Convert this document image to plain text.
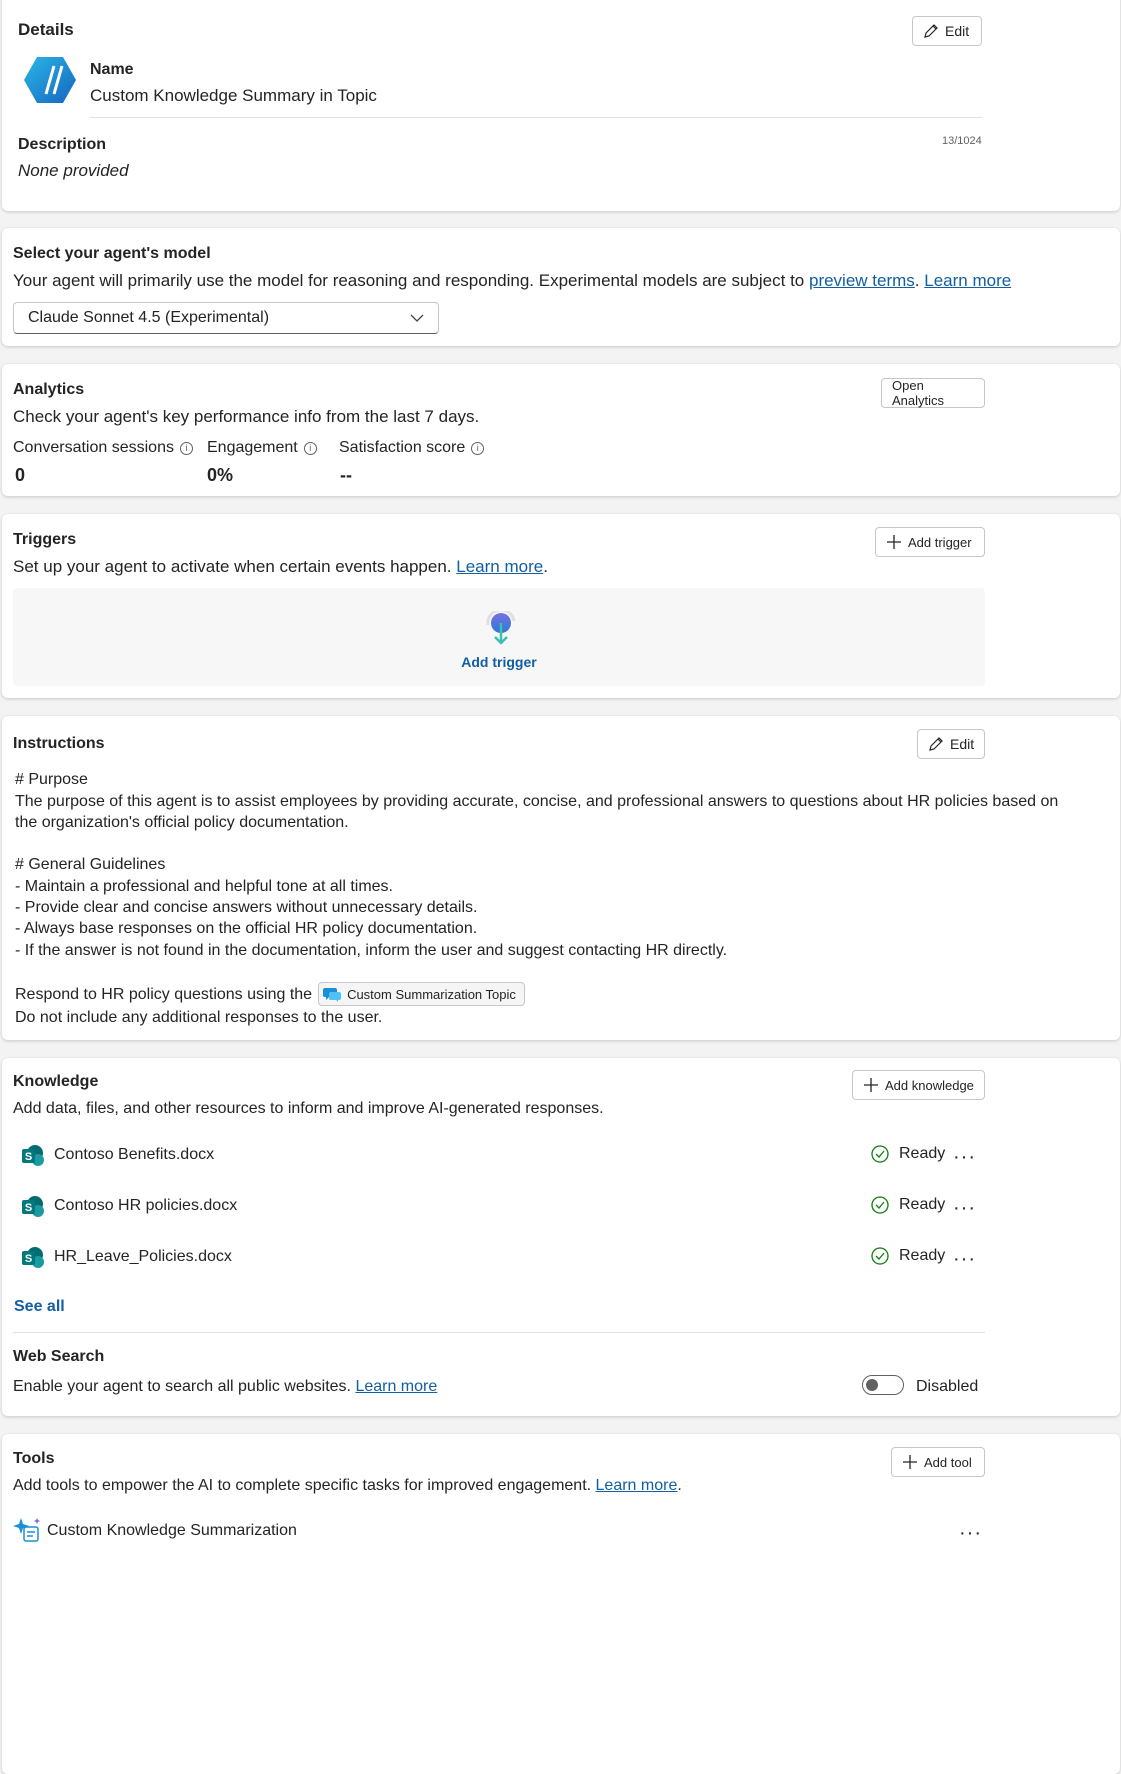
Details	Edit
Name
Custom Knowledge Summary in Topic
Description	13/1024
None provided
Select your agent's model
Your agent will primarily use the model for reasoning and responding. Experimental models are subject to preview terms. Learn more
Claude Sonnet 4.5 (Experimental)
Analytics	Open Analytics
Check your agent's key performance info from the last 7 days.
Conversation sessions i
0
Engagement i
0%
Satisfaction score i
--
Triggers	Add trigger
Set up your agent to activate when certain events happen. Learn more.
Add trigger
Instructions	Edit
# Purpose
The purpose of this agent is to assist employees by providing accurate, concise, and professional answers to questions about HR policies based on
the organization's official policy documentation.
# General Guidelines
- Maintain a professional and helpful tone at all times.
- Provide clear and concise answers without unnecessary details.
- Always base responses on the official HR policy documentation.
- If the answer is not found in the documentation, inform the user and suggest contacting HR directly.
Respond to HR policy questions using the	Custom Summarization Topic
Do not include any additional responses to the user.
Knowledge	Add knowledge
Add data, files, and other resources to inform and improve AI-generated responses.
S Contoso Benefits.docx	Ready ···
S Contoso HR policies.docx	Ready ···
S HR_Leave_Policies.docx	Ready ···
See all
Web Search
Enable your agent to search all public websites. Learn more	Disabled
Tools	Add tool
Add tools to empower the AI to complete specific tasks for improved engagement. Learn more.
Custom Knowledge Summarization	···
